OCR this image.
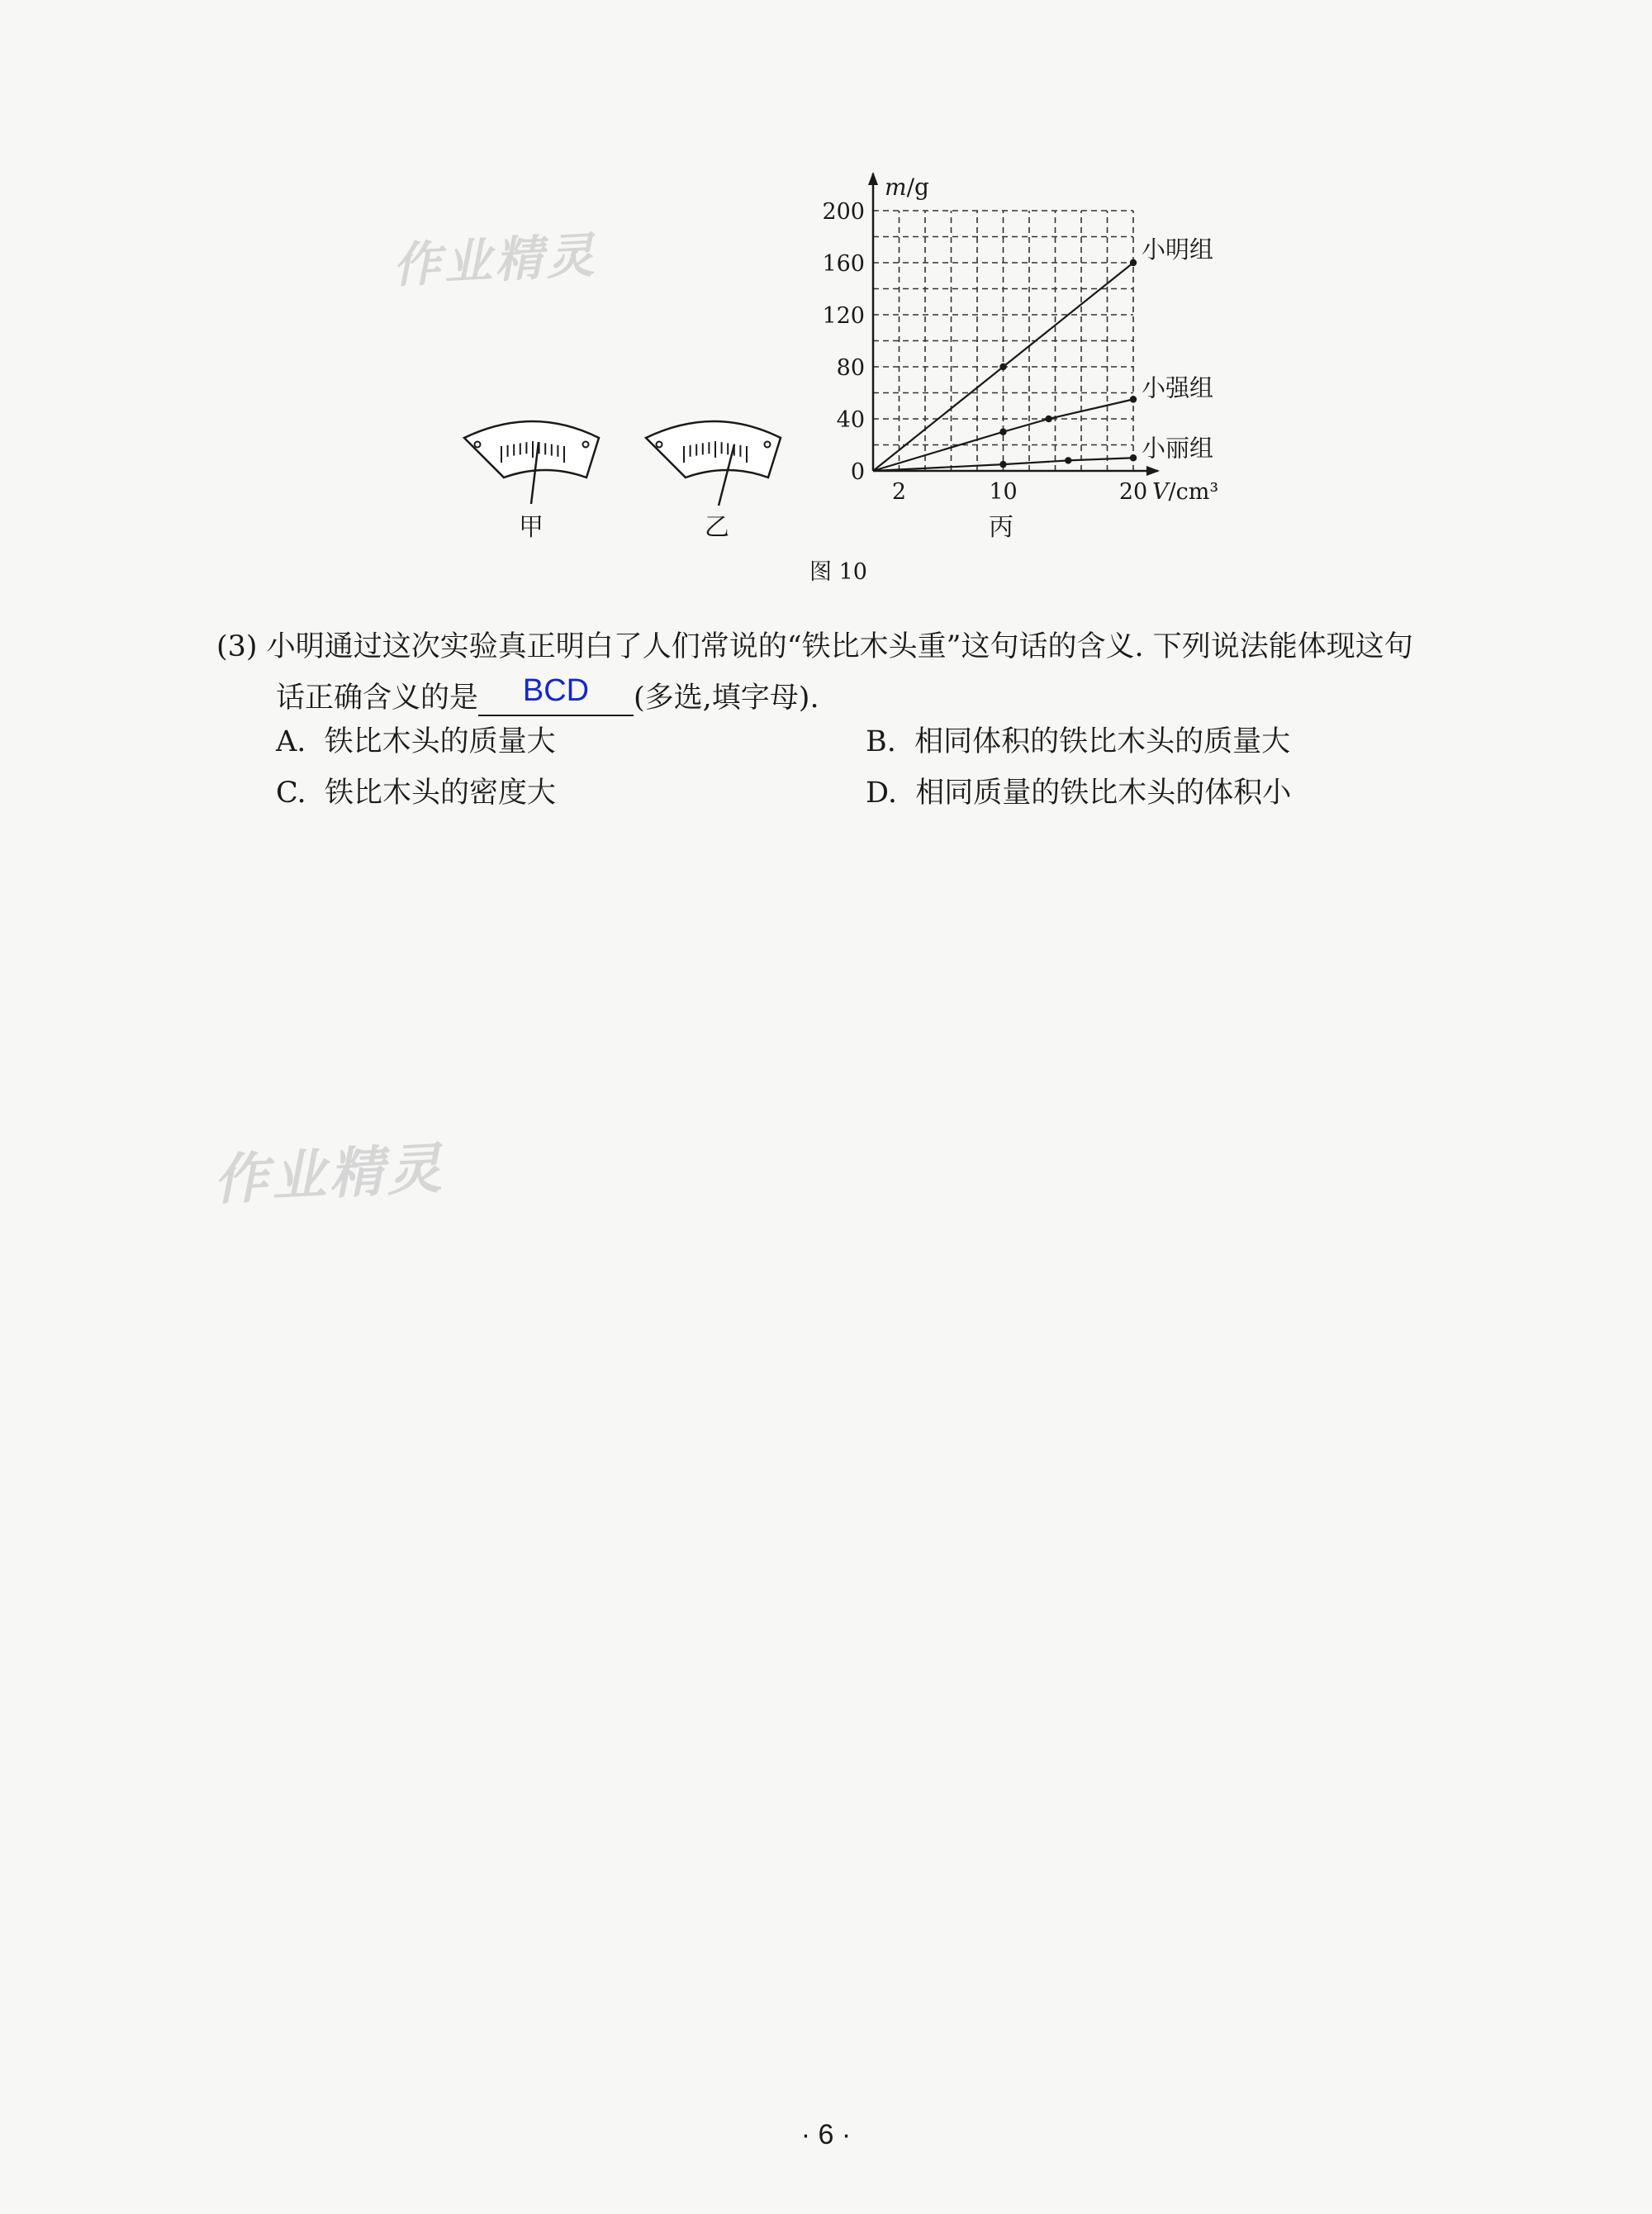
作业精灵
作业精灵
甲	乙
200
160
120
80
40
0
2	10	20
m/g
V/cm³
小明组
小强组
小丽组
丙
图 10
(3) 小明通过这次实验真正明白了人们常说的“铁比木头重”这句话的含义. 下列说法能体现这句
话正确含义的是 BCD (多选,填字母).
A. 铁比木头的质量大	B. 相同体积的铁比木头的质量大
C. 铁比木头的密度大	D. 相同质量的铁比木头的体积小
· 6 ·
